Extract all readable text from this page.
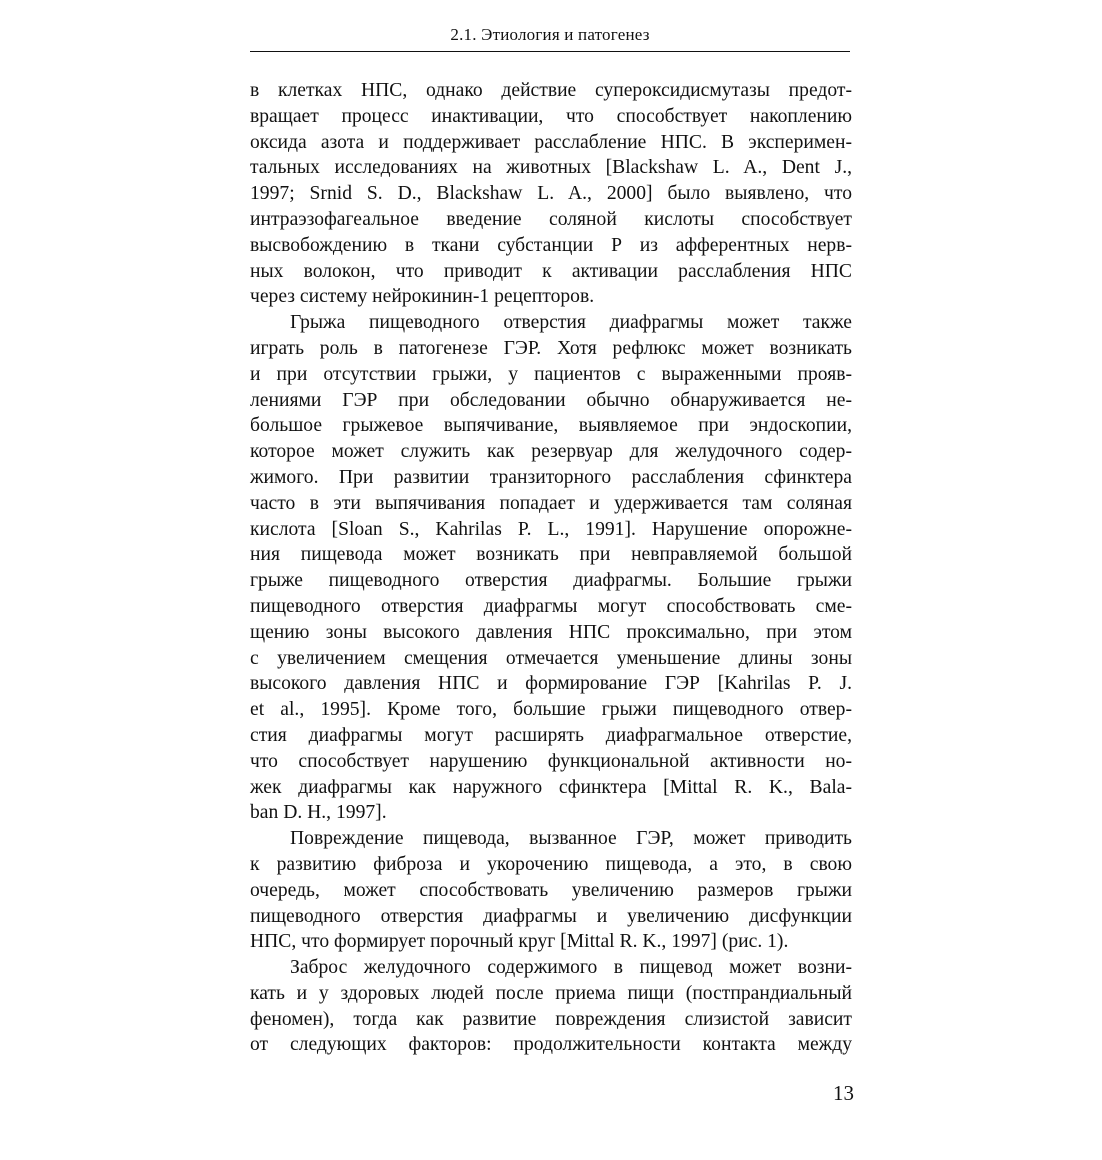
2.1. Этиология и патогенез
в клетках НПС, однако действие супероксидисмутазы предот-
вращает процесс инактивации, что способствует накоплению
оксида азота и поддерживает расслабление НПС. В эксперимен-
тальных исследованиях на животных [Blackshaw L. A., Dent J.,
1997; Srnid S. D., Blackshaw L. A., 2000] было выявлено, что
интраэзофагеальное введение соляной кислоты способствует
высвобождению в ткани субстанции Р из афферентных нерв-
ных волокон, что приводит к активации расслабления НПС
через систему нейрокинин-1 рецепторов.
Грыжа пищеводного отверстия диафрагмы может также
играть роль в патогенезе ГЭР. Хотя рефлюкс может возникать
и при отсутствии грыжи, у пациентов с выраженными прояв-
лениями ГЭР при обследовании обычно обнаруживается не-
большое грыжевое выпячивание, выявляемое при эндоскопии,
которое может служить как резервуар для желудочного содер-
жимого. При развитии транзиторного расслабления сфинктера
часто в эти выпячивания попадает и удерживается там соляная
кислота [Sloan S., Kahrilas P. L., 1991]. Нарушение опорожне-
ния пищевода может возникать при невправляемой большой
грыже пищеводного отверстия диафрагмы. Большие грыжи
пищеводного отверстия диафрагмы могут способствовать сме-
щению зоны высокого давления НПС проксимально, при этом
с увеличением смещения отмечается уменьшение длины зоны
высокого давления НПС и формирование ГЭР [Kahrilas P. J.
et al., 1995]. Кроме того, большие грыжи пищеводного отвер-
стия диафрагмы могут расширять диафрагмальное отверстие,
что способствует нарушению функциональной активности но-
жек диафрагмы как наружного сфинктера [Mittal R. K., Bala-
ban D. H., 1997].
Повреждение пищевода, вызванное ГЭР, может приводить
к развитию фиброза и укорочению пищевода, а это, в свою
очередь, может способствовать увеличению размеров грыжи
пищеводного отверстия диафрагмы и увеличению дисфункции
НПС, что формирует порочный круг [Mittal R. K., 1997] (рис. 1).
Заброс желудочного содержимого в пищевод может возни-
кать и у здоровых людей после приема пищи (постпрандиальный
феномен), тогда как развитие повреждения слизистой зависит
от следующих факторов: продолжительности контакта между
13
